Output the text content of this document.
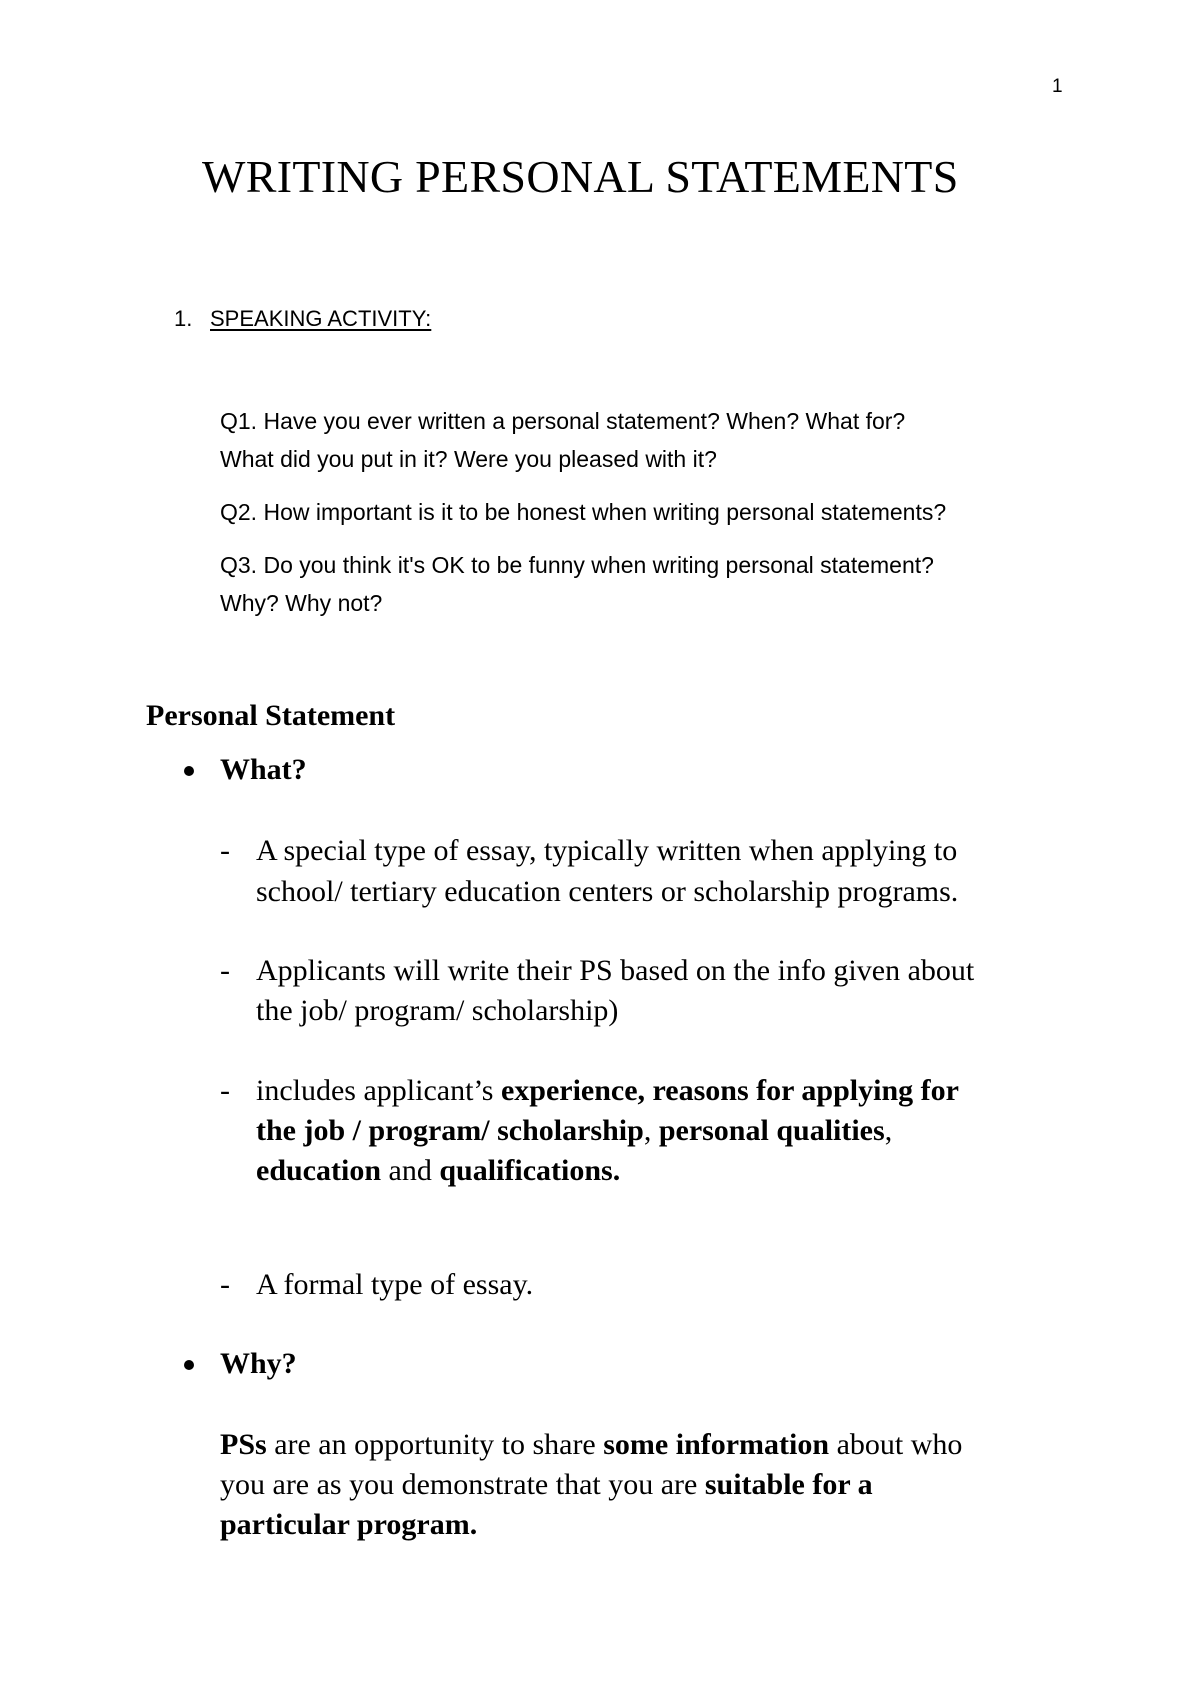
1
WRITING PERSONAL STATEMENTS
1. SPEAKING ACTIVITY:
Q1. Have you ever written a personal statement? When? What for?
What did you put in it? Were you pleased with it?
Q2. How important is it to be honest when writing personal statements?
Q3. Do you think it's OK to be funny when writing personal statement?
Why? Why not?
Personal Statement
What?
- A special type of essay, typically written when applying to
school/ tertiary education centers or scholarship programs.
- Applicants will write their PS based on the info given about
the job/ program/ scholarship)
- includes applicant’s experience, reasons for applying for
the job / program/ scholarship, personal qualities,
education and qualifications.
- A formal type of essay.
Why?
PSs are an opportunity to share some information about who
you are as you demonstrate that you are suitable for a
particular program.
